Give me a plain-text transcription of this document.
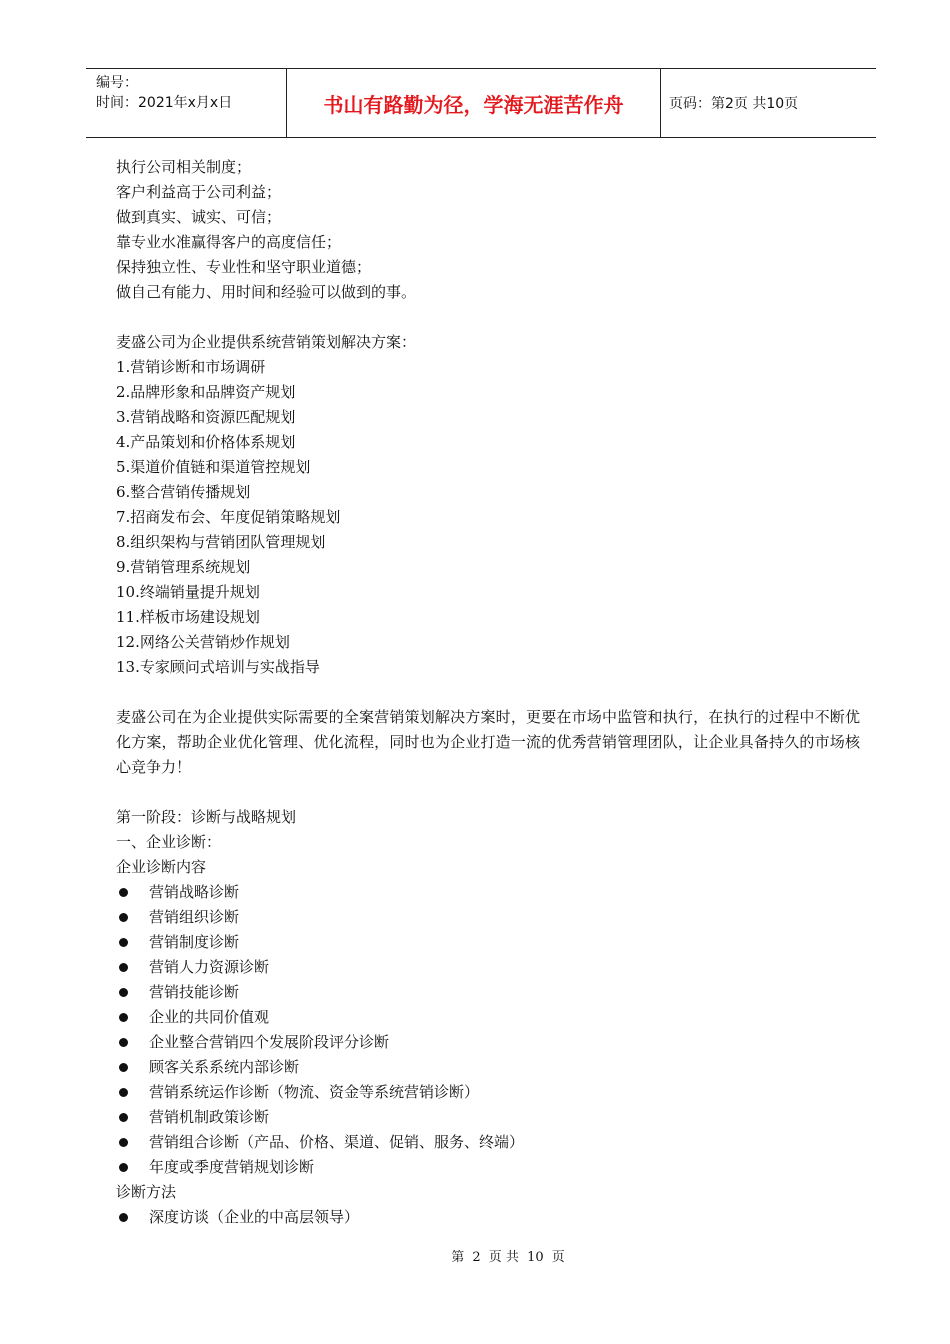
编号：
时间：2021年x月x日	书山有路勤为径，学海无涯苦作舟	页码：第2页 共10页
执行公司相关制度；
客户利益高于公司利益；
做到真实、诚实、可信；
靠专业水准赢得客户的高度信任；
保持独立性、专业性和坚守职业道德；
做自己有能力、用时间和经验可以做到的事。
麦盛公司为企业提供系统营销策划解决方案：
1.营销诊断和市场调研
2.品牌形象和品牌资产规划
3.营销战略和资源匹配规划
4.产品策划和价格体系规划
5.渠道价值链和渠道管控规划
6.整合营销传播规划
7.招商发布会、年度促销策略规划
8.组织架构与营销团队管理规划
9.营销管理系统规划
10.终端销量提升规划
11.样板市场建设规划
12.网络公关营销炒作规划
13.专家顾问式培训与实战指导
麦盛公司在为企业提供实际需要的全案营销策划解决方案时，更要在市场中监管和执行，在执行的过程中不断优化方案，帮助企业优化管理、优化流程，同时也为企业打造一流的优秀营销管理团队，让企业具备持久的市场核心竞争力！
第一阶段：诊断与战略规划
一、企业诊断：
企业诊断内容
营销战略诊断
营销组织诊断
营销制度诊断
营销人力资源诊断
营销技能诊断
企业的共同价值观
企业整合营销四个发展阶段评分诊断
顾客关系系统内部诊断
营销系统运作诊断（物流、资金等系统营销诊断）
营销机制政策诊断
营销组合诊断（产品、价格、渠道、促销、服务、终端）
年度或季度营销规划诊断
诊断方法
深度访谈（企业的中高层领导）
第 2 页 共 10 页
